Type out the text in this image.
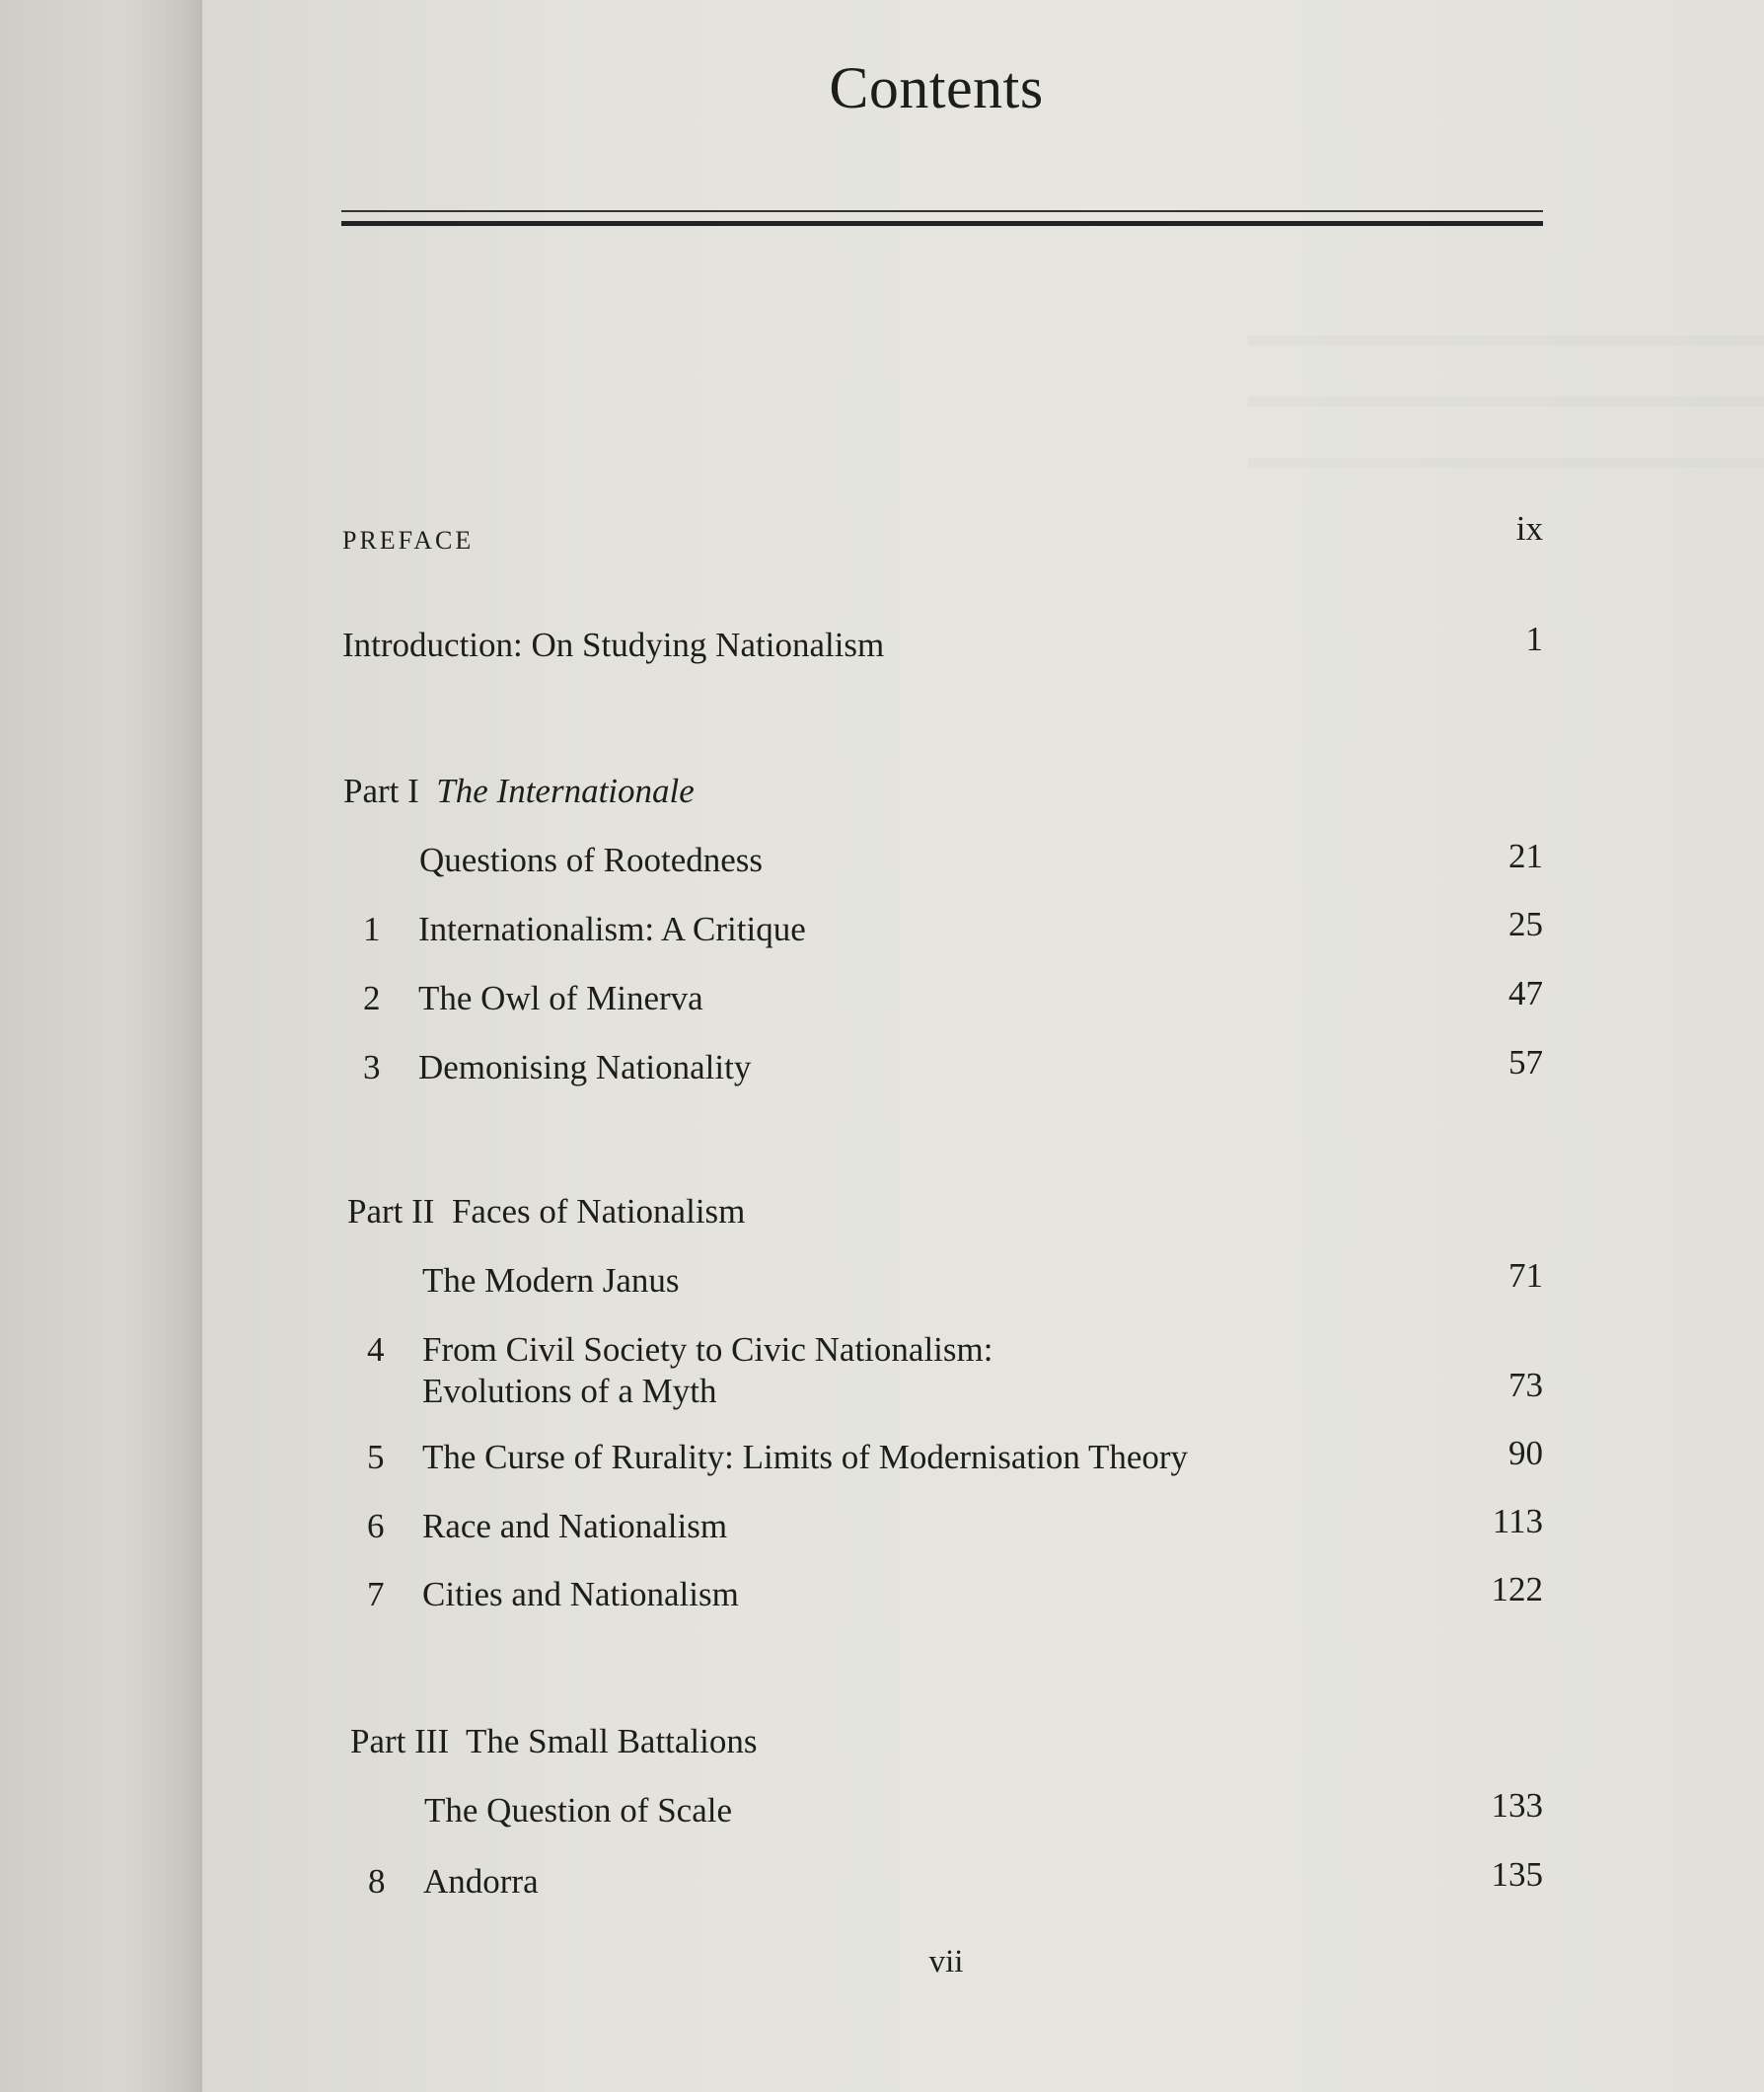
Contents
PREFACE	ix
Introduction: On Studying Nationalism	1
Part I The Internationale
Questions of Rootedness	21
1 Internationalism: A Critique	25
2 The Owl of Minerva	47
3 Demonising Nationality	57
Part II Faces of Nationalism
The Modern Janus	71
4 From Civil Society to Civic Nationalism:
Evolutions of a Myth	73
5 The Curse of Rurality: Limits of Modernisation Theory	90
6 Race and Nationalism	113
7 Cities and Nationalism	122
Part III The Small Battalions
The Question of Scale	133
8 Andorra	135
vii
